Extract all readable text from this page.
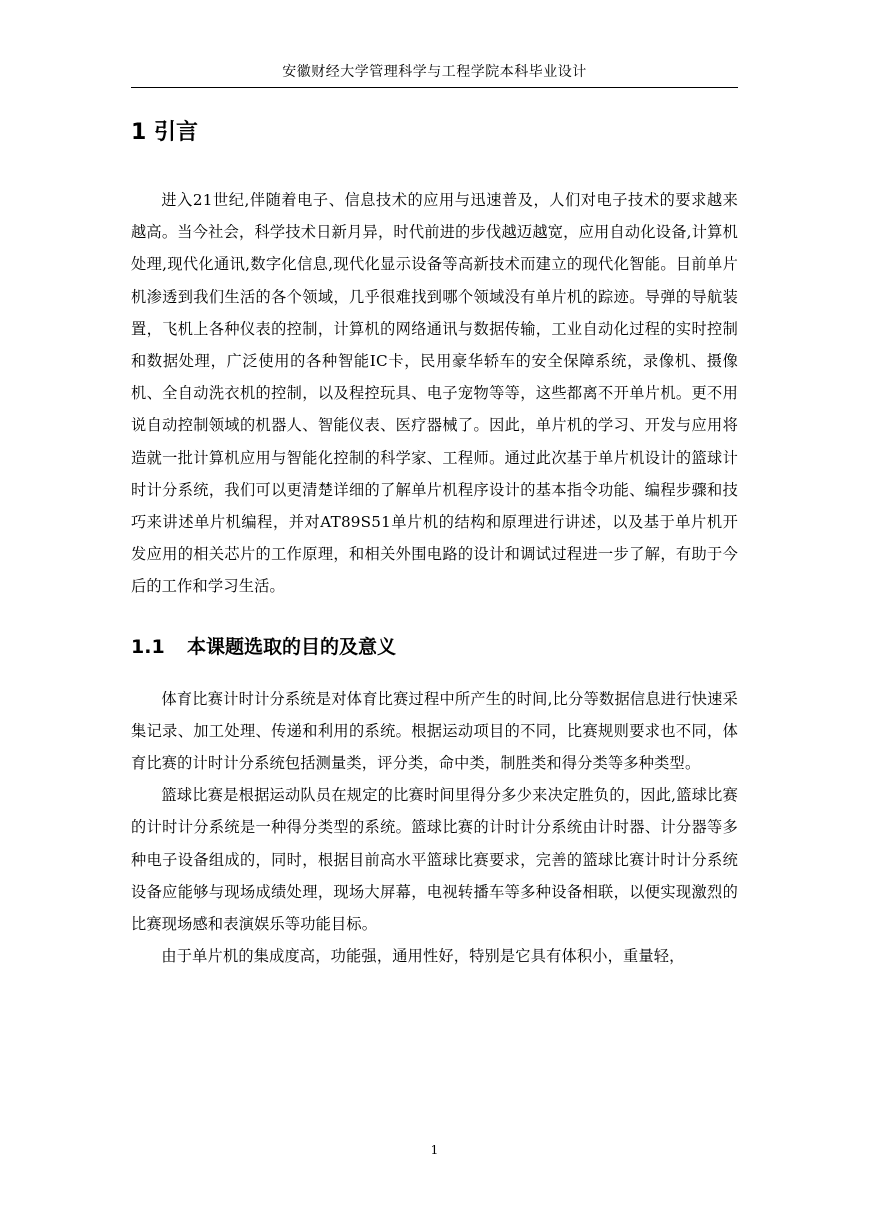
安徽财经大学管理科学与工程学院本科毕业设计
1 引言

进入21世纪,伴随着电子、信息技术的应用与迅速普及，人们对电子技术的要求越来越高。当今社会，科学技术日新月异，时代前进的步伐越迈越宽，应用自动化设备,计算机处理,现代化通讯,数字化信息,现代化显示设备等高新技术而建立的现代化智能。目前单片机渗透到我们生活的各个领域，几乎很难找到哪个领域没有单片机的踪迹。导弹的导航装置，飞机上各种仪表的控制，计算机的网络通讯与数据传输，工业自动化过程的实时控制和数据处理，广泛使用的各种智能IC卡，民用豪华轿车的安全保障系统，录像机、摄像机、全自动洗衣机的控制，以及程控玩具、电子宠物等等，这些都离不开单片机。更不用说自动控制领域的机器人、智能仪表、医疗器械了。因此，单片机的学习、开发与应用将造就一批计算机应用与智能化控制的科学家、工程师。通过此次基于单片机设计的篮球计时计分系统，我们可以更清楚详细的了解单片机程序设计的基本指令功能、编程步骤和技巧来讲述单片机编程，并对AT89S51单片机的结构和原理进行讲述，以及基于单片机开发应用的相关芯片的工作原理，和相关外围电路的设计和调试过程进一步了解，有助于今后的工作和学习生活。

1.1 本课题选取的目的及意义

体育比赛计时计分系统是对体育比赛过程中所产生的时间,比分等数据信息进行快速采集记录、加工处理、传递和利用的系统。根据运动项目的不同，比赛规则要求也不同，体育比赛的计时计分系统包括测量类，评分类，命中类，制胜类和得分类等多种类型。

篮球比赛是根据运动队员在规定的比赛时间里得分多少来决定胜负的，因此,篮球比赛的计时计分系统是一种得分类型的系统。篮球比赛的计时计分系统由计时器、计分器等多种电子设备组成的，同时，根据目前高水平篮球比赛要求，完善的篮球比赛计时计分系统设备应能够与现场成绩处理，现场大屏幕，电视转播车等多种设备相联，以便实现激烈的比赛现场感和表演娱乐等功能目标。

由于单片机的集成度高，功能强，通用性好，特别是它具有体积小，重量轻，

1
